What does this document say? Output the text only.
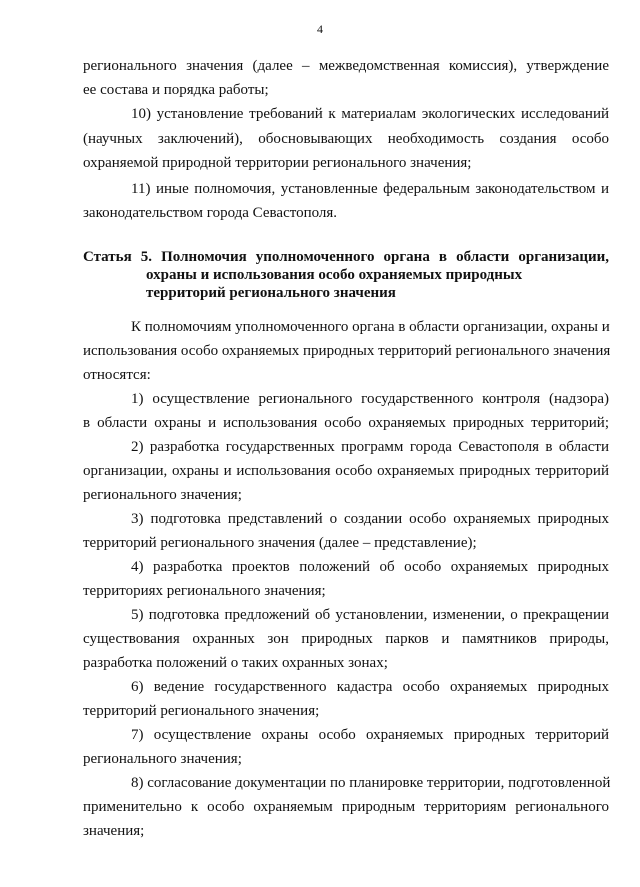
4
регионального значения (далее – межведомственная комиссия), утверждение
ее состава и порядка работы;
10) установление требований к материалам экологических исследований
(научных заключений), обосновывающих необходимость создания особо
охраняемой природной территории регионального значения;
11) иные полномочия, установленные федеральным законодательством и
законодательством города Севастополя.
Статья 5. Полномочия уполномоченного органа в области организации,
охраны и использования особо охраняемых природных
территорий регионального значения
К полномочиям уполномоченного органа в области организации, охраны и
использования особо охраняемых природных территорий регионального значения
относятся:
1) осуществление регионального государственного контроля (надзора)
в области охраны и использования особо охраняемых природных территорий;
2) разработка государственных программ города Севастополя в области
организации, охраны и использования особо охраняемых природных территорий
регионального значения;
3) подготовка представлений о создании особо охраняемых природных
территорий регионального значения (далее – представление);
4) разработка проектов положений об особо охраняемых природных
территориях регионального значения;
5) подготовка предложений об установлении, изменении, о прекращении
существования охранных зон природных парков и памятников природы,
разработка положений о таких охранных зонах;
6) ведение государственного кадастра особо охраняемых природных
территорий регионального значения;
7) осуществление охраны особо охраняемых природных территорий
регионального значения;
8) согласование документации по планировке территории, подготовленной
применительно к особо охраняемым природным территориям регионального
значения;
